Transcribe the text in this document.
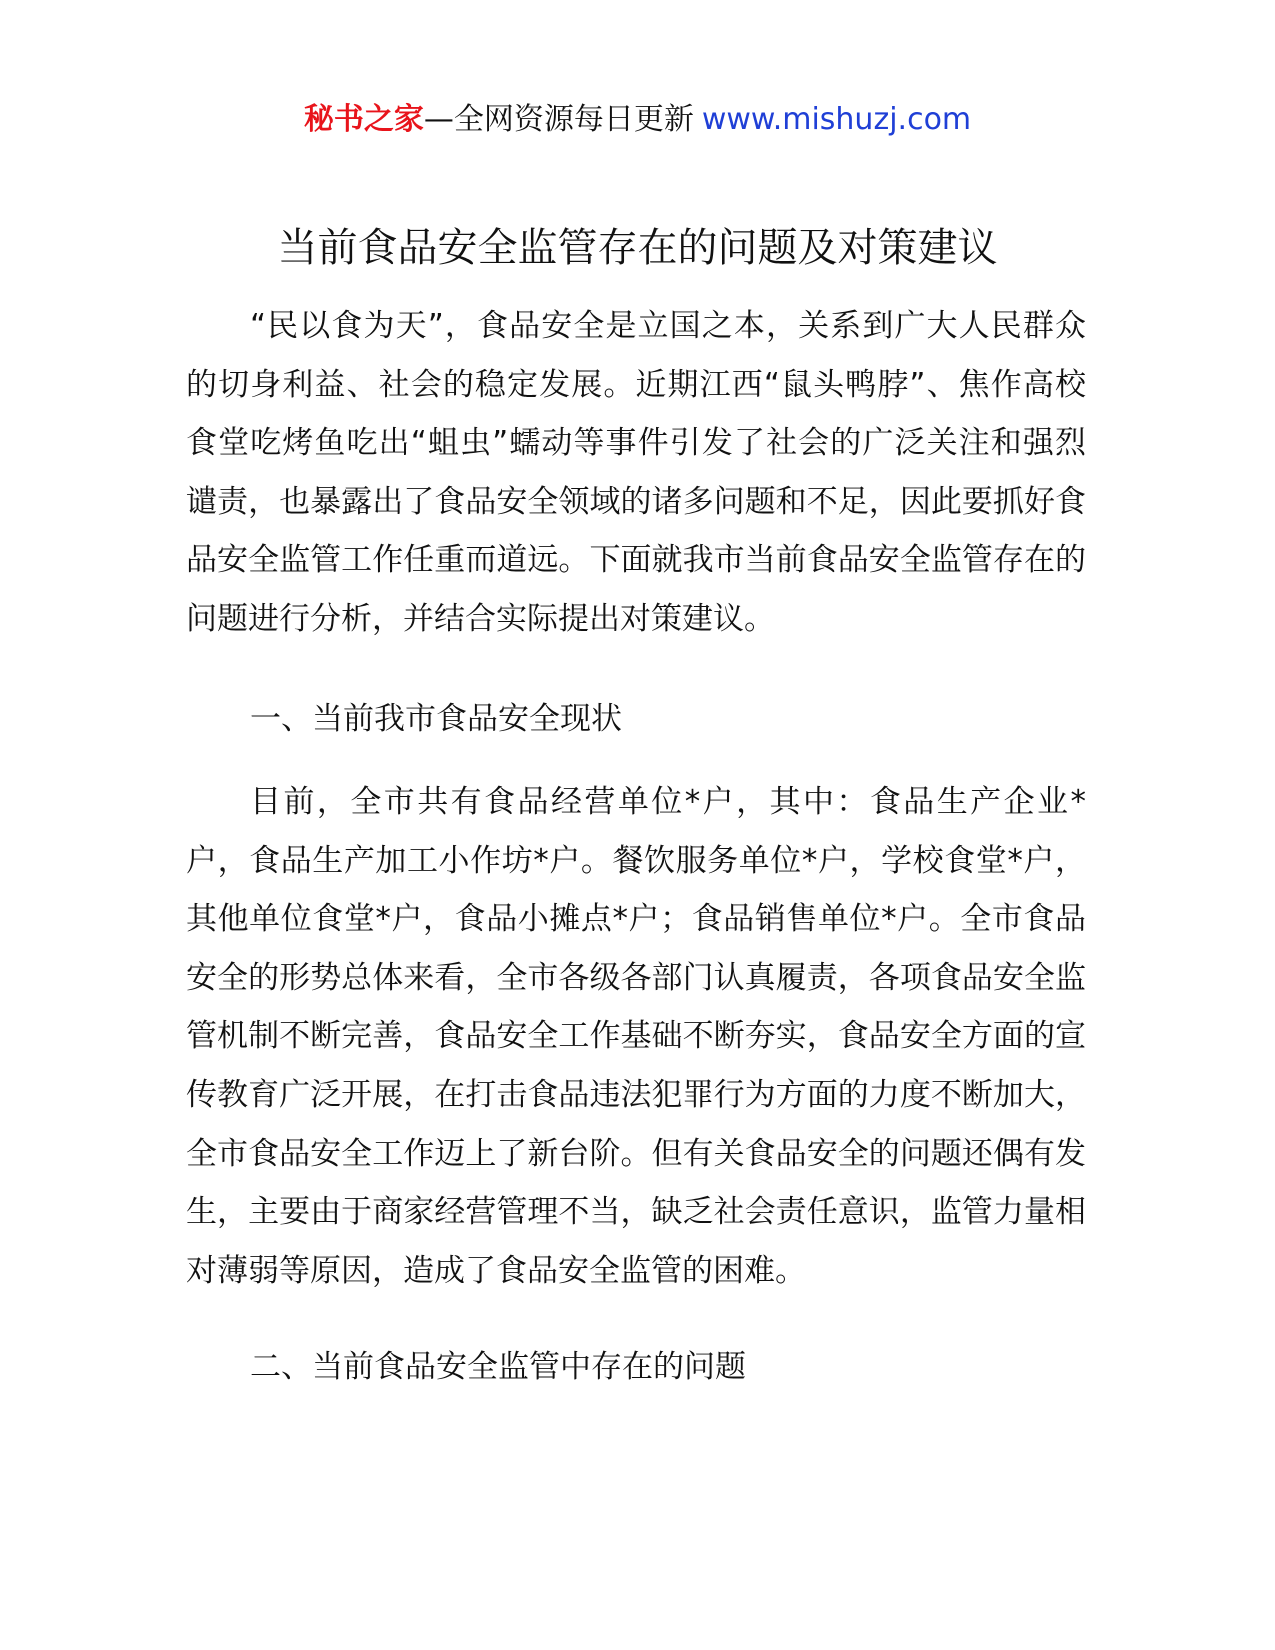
秘书之家—全网资源每日更新 www.mishuzj.com
当前食品安全监管存在的问题及对策建议

“民以食为天”，食品安全是立国之本，关系到广大人民群众的切身利益、社会的稳定发展。近期江西“鼠头鸭脖”、焦作高校食堂吃烤鱼吃出“蛆虫”蠕动等事件引发了社会的广泛关注和强烈谴责，也暴露出了食品安全领域的诸多问题和不足，因此要抓好食品安全监管工作任重而道远。下面就我市当前食品安全监管存在的问题进行分析，并结合实际提出对策建议。

一、当前我市食品安全现状

目前，全市共有食品经营单位*户，其中：食品生产企业*户，食品生产加工小作坊*户。餐饮服务单位*户，学校食堂*户，其他单位食堂*户，食品小摊点*户；食品销售单位*户。全市食品安全的形势总体来看，全市各级各部门认真履责，各项食品安全监管机制不断完善，食品安全工作基础不断夯实，食品安全方面的宣传教育广泛开展，在打击食品违法犯罪行为方面的力度不断加大，全市食品安全工作迈上了新台阶。但有关食品安全的问题还偶有发生，主要由于商家经营管理不当，缺乏社会责任意识，监管力量相对薄弱等原因，造成了食品安全监管的困难。

二、当前食品安全监管中存在的问题
